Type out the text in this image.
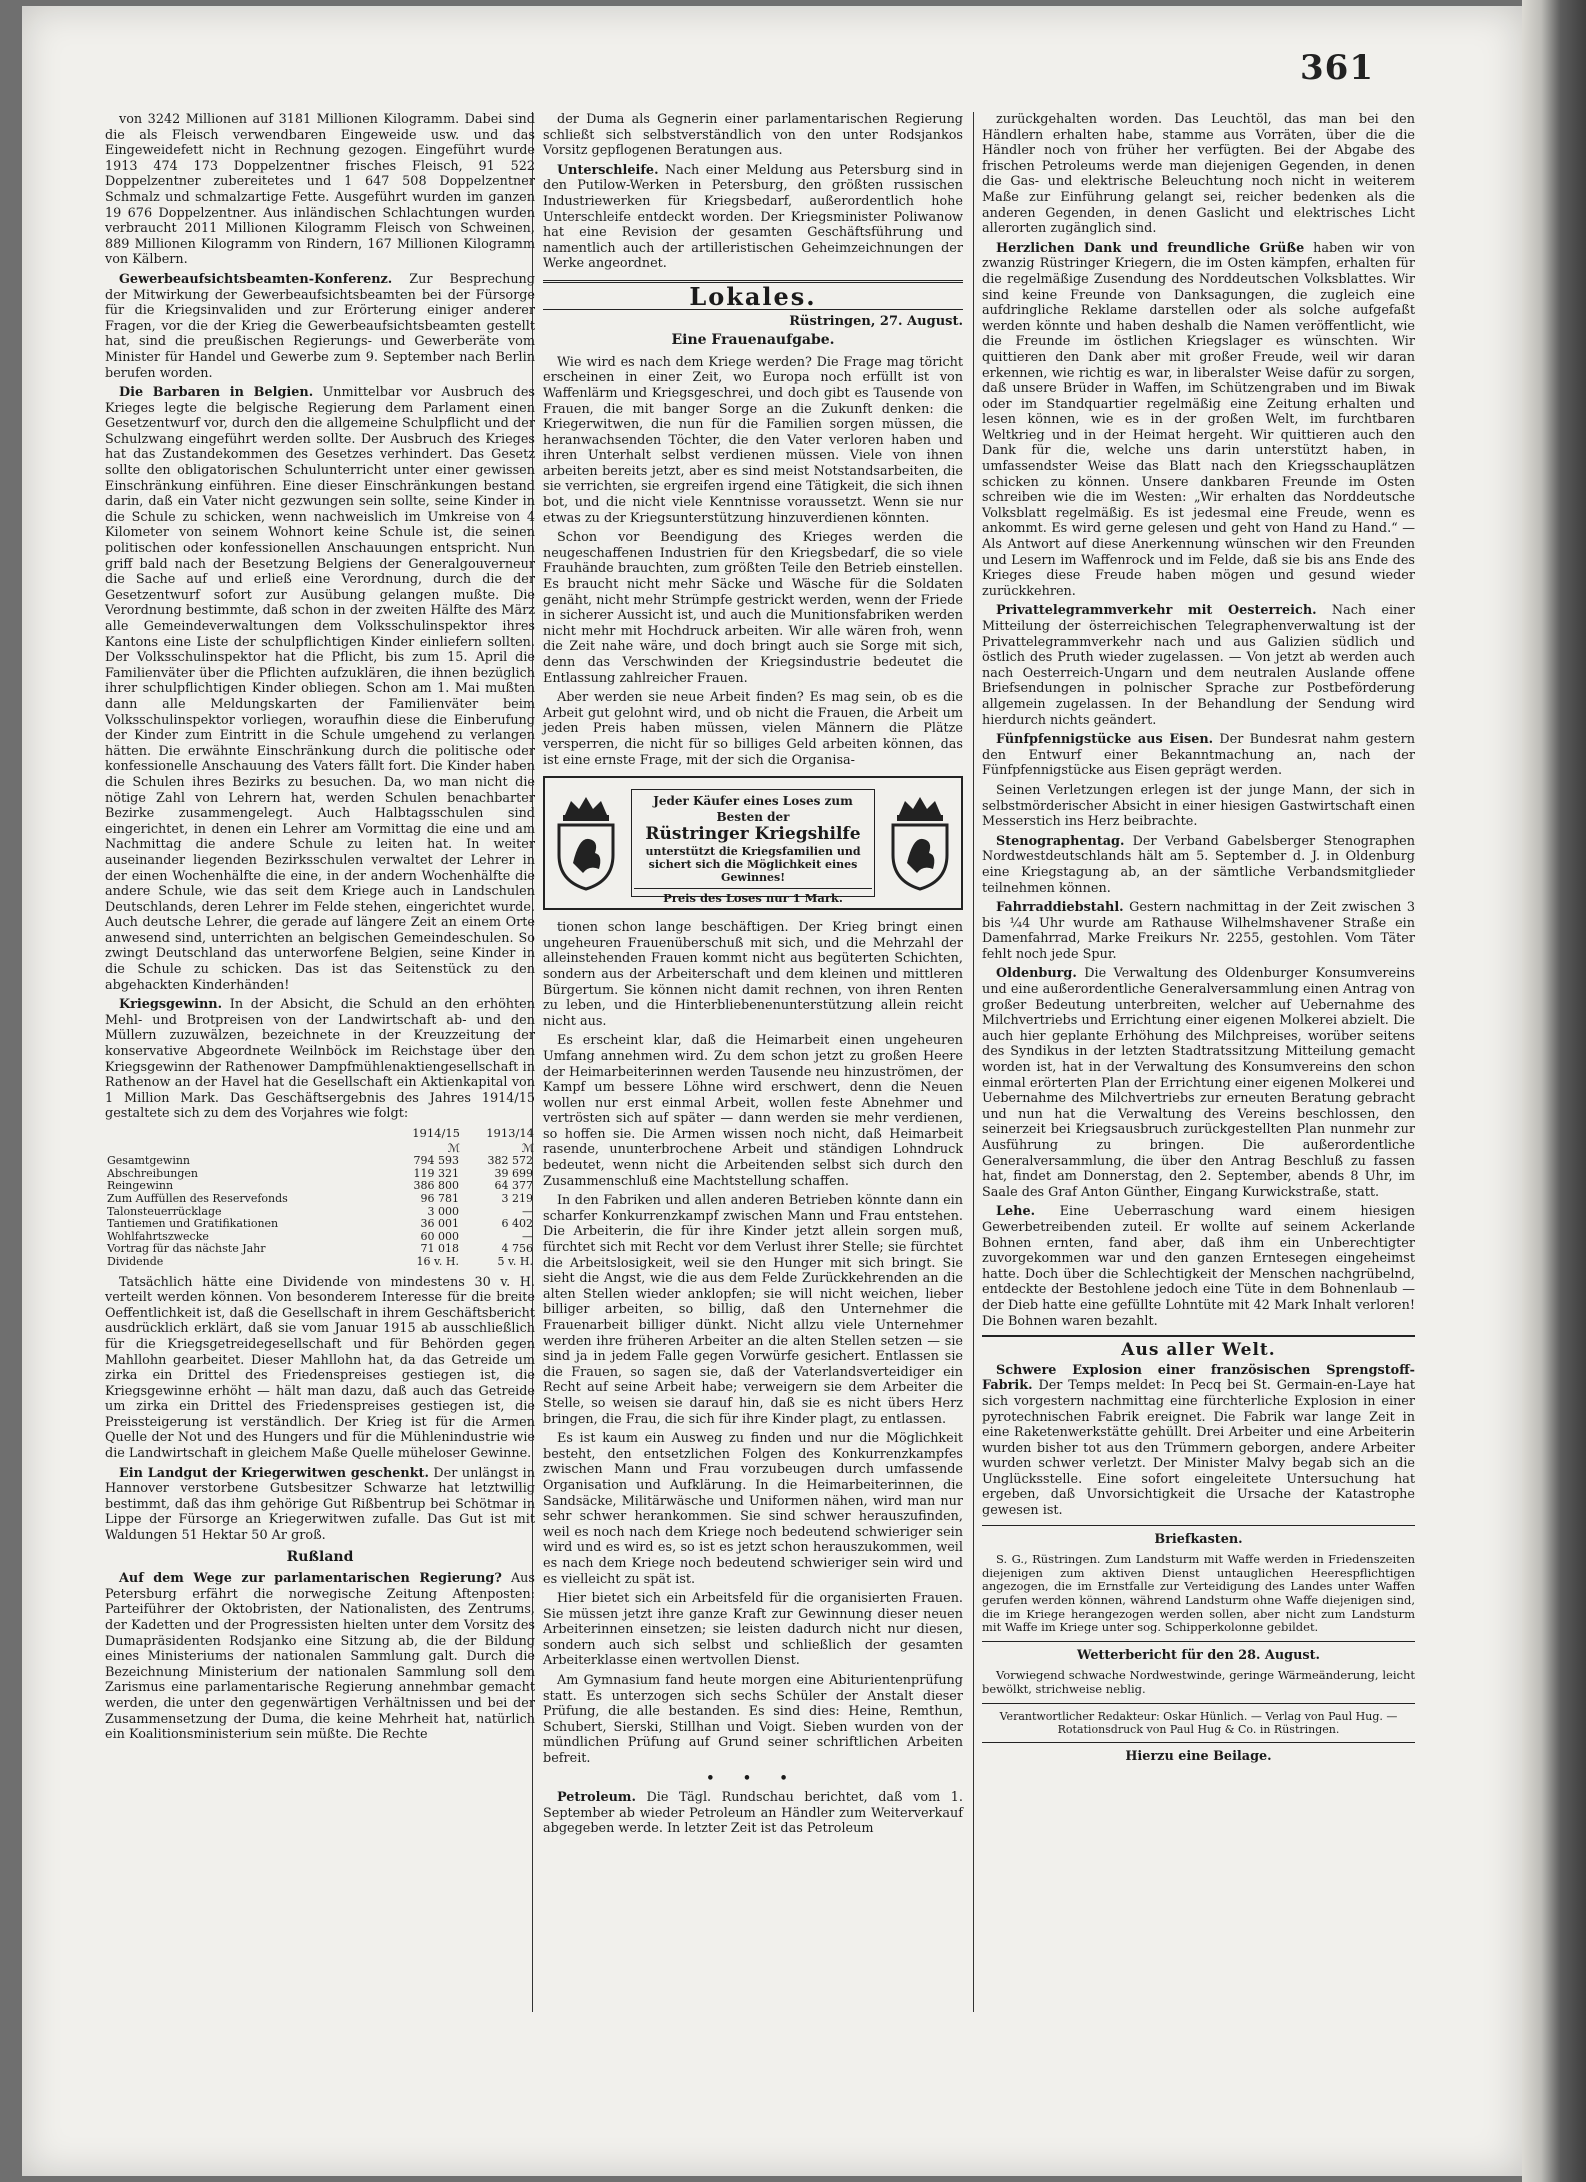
361

von 3242 Millionen auf 3181 Millionen Kilogramm. Dabei sind die als Fleisch verwendbaren Eingeweide usw. und das Eingeweidefett nicht in Rechnung gezogen. Eingeführt wurde 1913 474 173 Doppelzentner frisches Fleisch, 91 522 Doppelzentner zubereitetes und 1 647 508 Doppelzentner Schmalz und schmalzartige Fette. Ausgeführt wurden im ganzen 19 676 Doppelzentner. Aus inländischen Schlachtungen wurden verbraucht 2011 Millionen Kilogramm Fleisch von Schweinen, 889 Millionen Kilogramm von Rindern, 167 Millionen Kilogramm von Kälbern.

Gewerbeaufsichtsbeamten-Konferenz. Zur Besprechung der Mitwirkung der Gewerbeaufsichtsbeamten bei der Fürsorge für die Kriegsinvaliden und zur Erörterung einiger anderer Fragen, vor die der Krieg die Gewerbeaufsichtsbeamten gestellt hat, sind die preußischen Regierungs- und Gewerberäte vom Minister für Handel und Gewerbe zum 9. September nach Berlin berufen worden.

Die Barbaren in Belgien. Unmittelbar vor Ausbruch des Krieges legte die belgische Regierung dem Parlament einen Gesetzentwurf vor, durch den die allgemeine Schulpflicht und der Schulzwang eingeführt werden sollte. Der Ausbruch des Krieges hat das Zustandekommen des Gesetzes verhindert. Das Gesetz sollte den obligatorischen Schulunterricht unter einer gewissen Einschränkung einführen. Eine dieser Einschränkungen bestand darin, daß ein Vater nicht gezwungen sein sollte, seine Kinder in die Schule zu schicken, wenn nachweislich im Umkreise von 4 Kilometer von seinem Wohnort keine Schule ist, die seinen politischen oder konfessionellen Anschauungen entspricht. Nun griff bald nach der Besetzung Belgiens der Generalgouverneur die Sache auf und erließ eine Verordnung, durch die der Gesetzentwurf sofort zur Ausübung gelangen mußte. Die Verordnung bestimmte, daß schon in der zweiten Hälfte des März alle Gemeindeverwaltungen dem Volksschulinspektor ihres Kantons eine Liste der schulpflichtigen Kinder einliefern sollten. Der Volksschulinspektor hat die Pflicht, bis zum 15. April die Familienväter über die Pflichten aufzuklären, die ihnen bezüglich ihrer schulpflichtigen Kinder obliegen. Schon am 1. Mai mußten dann alle Meldungskarten der Familienväter beim Volksschulinspektor vorliegen, woraufhin diese die Einberufung der Kinder zum Eintritt in die Schule umgehend zu verlangen hätten. Die erwähnte Einschränkung durch die politische oder konfessionelle Anschauung des Vaters fällt fort. Die Kinder haben die Schulen ihres Bezirks zu besuchen. Da, wo man nicht die nötige Zahl von Lehrern hat, werden Schulen benachbarter Bezirke zusammengelegt. Auch Halbtagsschulen sind eingerichtet, in denen ein Lehrer am Vormittag die eine und am Nachmittag die andere Schule zu leiten hat. In weiter auseinander liegenden Bezirksschulen verwaltet der Lehrer in der einen Wochenhälfte die eine, in der andern Wochenhälfte die andere Schule, wie das seit dem Kriege auch in Landschulen Deutschlands, deren Lehrer im Felde stehen, eingerichtet wurde. Auch deutsche Lehrer, die gerade auf längere Zeit an einem Orte anwesend sind, unterrichten an belgischen Gemeindeschulen. So zwingt Deutschland das unterworfene Belgien, seine Kinder in die Schule zu schicken. Das ist das Seitenstück zu den abgehackten Kinderhänden!

Kriegsgewinn. In der Absicht, die Schuld an den erhöhten Mehl- und Brotpreisen von der Landwirtschaft ab- und den Müllern zuzuwälzen, bezeichnete in der Kreuzzeitung der konservative Abgeordnete Weilnböck im Reichstage über den Kriegsgewinn der Rathenower Dampfmühlenaktiengesellschaft in Rathenow an der Havel hat die Gesellschaft ein Aktienkapital von 1 Million Mark. Das Geschäftsergebnis des Jahres 1914/15 gestaltete sich zu dem des Vorjahres wie folgt:

	1914/15	1913/14
	ℳ	ℳ
Gesamtgewinn	794 593	382 572
Abschreibungen	119 321	39 699
Reingewinn	386 800	64 377
Zum Auffüllen des Reservefonds	96 781	3 219
Talonsteuerrücklage	3 000	—
Tantiemen und Gratifikationen	36 001	6 402
Wohlfahrtszwecke	60 000	—
Vortrag für das nächste Jahr	71 018	4 756
Dividende	16 v. H.	5 v. H.

Tatsächlich hätte eine Dividende von mindestens 30 v. H. verteilt werden können. Von besonderem Interesse für die breite Oeffentlichkeit ist, daß die Gesellschaft in ihrem Geschäftsbericht ausdrücklich erklärt, daß sie vom Januar 1915 ab ausschließlich für die Kriegsgetreidegesellschaft und für Behörden gegen Mahllohn gearbeitet. Dieser Mahllohn hat, da das Getreide um zirka ein Drittel des Friedenspreises gestiegen ist, die Kriegsgewinne erhöht — hält man dazu, daß auch das Getreide um zirka ein Drittel des Friedenspreises gestiegen ist, die Preissteigerung ist verständlich. Der Krieg ist für die Armen Quelle der Not und des Hungers und für die Mühlenindustrie wie die Landwirtschaft in gleichem Maße Quelle müheloser Gewinne.

Ein Landgut der Kriegerwitwen geschenkt. Der unlängst in Hannover verstorbene Gutsbesitzer Schwarze hat letztwillig bestimmt, daß das ihm gehörige Gut Rißbentrup bei Schötmar in Lippe der Fürsorge an Kriegerwitwen zufalle. Das Gut ist mit Waldungen 51 Hektar 50 Ar groß.

Rußland

Auf dem Wege zur parlamentarischen Regierung? Aus Petersburg erfährt die norwegische Zeitung Aftenposten: Parteiführer der Oktobristen, der Nationalisten, des Zentrums, der Kadetten und der Progressisten hielten unter dem Vorsitz des Dumapräsidenten Rodsjanko eine Sitzung ab, die der Bildung eines Ministeriums der nationalen Sammlung galt. Durch die Bezeichnung Ministerium der nationalen Sammlung soll dem Zarismus eine parlamentarische Regierung annehmbar gemacht werden, die unter den gegenwärtigen Verhältnissen und bei der Zusammensetzung der Duma, die keine Mehrheit hat, natürlich ein Koalitionsministerium sein müßte. Die Rechte

der Duma als Gegnerin einer parlamentarischen Regierung schließt sich selbstverständlich von den unter Rodsjankos Vorsitz gepflogenen Beratungen aus.

Unterschleife. Nach einer Meldung aus Petersburg sind in den Putilow-Werken in Petersburg, den größten russischen Industriewerken für Kriegsbedarf, außerordentlich hohe Unterschleife entdeckt worden. Der Kriegsminister Poliwanow hat eine Revision der gesamten Geschäftsführung und namentlich auch der artilleristischen Geheimzeichnungen der Werke angeordnet.

Lokales.
Rüstringen, 27. August.
Eine Frauenaufgabe.

Wie wird es nach dem Kriege werden? Die Frage mag töricht erscheinen in einer Zeit, wo Europa noch erfüllt ist von Waffenlärm und Kriegsgeschrei, und doch gibt es Tausende von Frauen, die mit banger Sorge an die Zukunft denken: die Kriegerwitwen, die nun für die Familien sorgen müssen, die heranwachsenden Töchter, die den Vater verloren haben und ihren Unterhalt selbst verdienen müssen. Viele von ihnen arbeiten bereits jetzt, aber es sind meist Notstandsarbeiten, die sie verrichten, sie ergreifen irgend eine Tätigkeit, die sich ihnen bot, und die nicht viele Kenntnisse voraussetzt. Wenn sie nur etwas zu der Kriegsunterstützung hinzuverdienen könnten.

Schon vor Beendigung des Krieges werden die neugeschaffenen Industrien für den Kriegsbedarf, die so viele Frauhände brauchten, zum größten Teile den Betrieb einstellen. Es braucht nicht mehr Säcke und Wäsche für die Soldaten genäht, nicht mehr Strümpfe gestrickt werden, wenn der Friede in sicherer Aussicht ist, und auch die Munitionsfabriken werden nicht mehr mit Hochdruck arbeiten. Wir alle wären froh, wenn die Zeit nahe wäre, und doch bringt auch sie Sorge mit sich, denn das Verschwinden der Kriegsindustrie bedeutet die Entlassung zahlreicher Frauen.

Aber werden sie neue Arbeit finden? Es mag sein, ob es die Arbeit gut gelohnt wird, und ob nicht die Frauen, die Arbeit um jeden Preis haben müssen, vielen Männern die Plätze versperren, die nicht für so billiges Geld arbeiten können, das ist eine ernste Frage, mit der sich die Organisa-

Jeder Käufer eines Loses zum Besten der
Rüstringer Kriegshilfe
unterstützt die Kriegsfamilien und sichert sich die Möglichkeit eines Gewinnes!
Preis des Loses nur 1 Mark.

tionen schon lange beschäftigen. Der Krieg bringt einen ungeheuren Frauenüberschuß mit sich, und die Mehrzahl der alleinstehenden Frauen kommt nicht aus begüterten Schichten, sondern aus der Arbeiterschaft und dem kleinen und mittleren Bürgertum. Sie können nicht damit rechnen, von ihren Renten zu leben, und die Hinterbliebenenunterstützung allein reicht nicht aus.

Es erscheint klar, daß die Heimarbeit einen ungeheuren Umfang annehmen wird. Zu dem schon jetzt zu großen Heere der Heimarbeiterinnen werden Tausende neu hinzuströmen, der Kampf um bessere Löhne wird erschwert, denn die Neuen wollen nur erst einmal Arbeit, wollen feste Abnehmer und vertrösten sich auf später — dann werden sie mehr verdienen, so hoffen sie. Die Armen wissen noch nicht, daß Heimarbeit rasende, ununterbrochene Arbeit und ständigen Lohndruck bedeutet, wenn nicht die Arbeitenden selbst sich durch den Zusammenschluß eine Machtstellung schaffen.

In den Fabriken und allen anderen Betrieben könnte dann ein scharfer Konkurrenzkampf zwischen Mann und Frau entstehen. Die Arbeiterin, die für ihre Kinder jetzt allein sorgen muß, fürchtet sich mit Recht vor dem Verlust ihrer Stelle; sie fürchtet die Arbeitslosigkeit, weil sie den Hunger mit sich bringt. Sie sieht die Angst, wie die aus dem Felde Zurückkehrenden an die alten Stellen wieder anklopfen; sie will nicht weichen, lieber billiger arbeiten, so billig, daß den Unternehmer die Frauenarbeit billiger dünkt. Nicht allzu viele Unternehmer werden ihre früheren Arbeiter an die alten Stellen setzen — sie sind ja in jedem Falle gegen Vorwürfe gesichert. Entlassen sie die Frauen, so sagen sie, daß der Vaterlandsverteidiger ein Recht auf seine Arbeit habe; verweigern sie dem Arbeiter die Stelle, so weisen sie darauf hin, daß sie es nicht übers Herz bringen, die Frau, die sich für ihre Kinder plagt, zu entlassen.

Es ist kaum ein Ausweg zu finden und nur die Möglichkeit besteht, den entsetzlichen Folgen des Konkurrenzkampfes zwischen Mann und Frau vorzubeugen durch umfassende Organisation und Aufklärung. In die Heimarbeiterinnen, die Sandsäcke, Militärwäsche und Uniformen nähen, wird man nur sehr schwer herankommen. Sie sind schwer herauszufinden, weil es noch nach dem Kriege noch bedeutend schwieriger sein wird und es wird es, so ist es jetzt schon herauszukommen, weil es nach dem Kriege noch bedeutend schwieriger sein wird und es vielleicht zu spät ist.

Hier bietet sich ein Arbeitsfeld für die organisierten Frauen. Sie müssen jetzt ihre ganze Kraft zur Gewinnung dieser neuen Arbeiterinnen einsetzen; sie leisten dadurch nicht nur diesen, sondern auch sich selbst und schließlich der gesamten Arbeiterklasse einen wertvollen Dienst.

Am Gymnasium fand heute morgen eine Abiturientenprüfung statt. Es unterzogen sich sechs Schüler der Anstalt dieser Prüfung, die alle bestanden. Es sind dies: Heine, Remthun, Schubert, Sierski, Stillhan und Voigt. Sieben wurden von der mündlichen Prüfung auf Grund seiner schriftlichen Arbeiten befreit.

• • •

Petroleum. Die Tägl. Rundschau berichtet, daß vom 1. September ab wieder Petroleum an Händler zum Weiterverkauf abgegeben werde. In letzter Zeit ist das Petroleum

zurückgehalten worden. Das Leuchtöl, das man bei den Händlern erhalten habe, stamme aus Vorräten, über die die Händler noch von früher her verfügten. Bei der Abgabe des frischen Petroleums werde man diejenigen Gegenden, in denen die Gas- und elektrische Beleuchtung noch nicht in weiterem Maße zur Einführung gelangt sei, reicher bedenken als die anderen Gegenden, in denen Gaslicht und elektrisches Licht allerorten zugänglich sind.

Herzlichen Dank und freundliche Grüße haben wir von zwanzig Rüstringer Kriegern, die im Osten kämpfen, erhalten für die regelmäßige Zusendung des Norddeutschen Volksblattes. Wir sind keine Freunde von Danksagungen, die zugleich eine aufdringliche Reklame darstellen oder als solche aufgefaßt werden könnte und haben deshalb die Namen veröffentlicht, wie die Freunde im östlichen Kriegslager es wünschten. Wir quittieren den Dank aber mit großer Freude, weil wir daran erkennen, wie richtig es war, in liberalster Weise dafür zu sorgen, daß unsere Brüder in Waffen, im Schützengraben und im Biwak oder im Standquartier regelmäßig eine Zeitung erhalten und lesen können, wie es in der großen Welt, im furchtbaren Weltkrieg und in der Heimat hergeht. Wir quittieren auch den Dank für die, welche uns darin unterstützt haben, in umfassendster Weise das Blatt nach den Kriegsschauplätzen schicken zu können. Unsere dankbaren Freunde im Osten schreiben wie die im Westen: „Wir erhalten das Norddeutsche Volksblatt regelmäßig. Es ist jedesmal eine Freude, wenn es ankommt. Es wird gerne gelesen und geht von Hand zu Hand.“ — Als Antwort auf diese Anerkennung wünschen wir den Freunden und Lesern im Waffenrock und im Felde, daß sie bis ans Ende des Krieges diese Freude haben mögen und gesund wieder zurückkehren.

Privattelegrammverkehr mit Oesterreich. Nach einer Mitteilung der österreichischen Telegraphenverwaltung ist der Privattelegrammverkehr nach und aus Galizien südlich und östlich des Pruth wieder zugelassen. — Von jetzt ab werden auch nach Oesterreich-Ungarn und dem neutralen Auslande offene Briefsendungen in polnischer Sprache zur Postbeförderung allgemein zugelassen. In der Behandlung der Sendung wird hierdurch nichts geändert.

Fünfpfennigstücke aus Eisen. Der Bundesrat nahm gestern den Entwurf einer Bekanntmachung an, nach der Fünfpfennigstücke aus Eisen geprägt werden.

Seinen Verletzungen erlegen ist der junge Mann, der sich in selbstmörderischer Absicht in einer hiesigen Gastwirtschaft einen Messerstich ins Herz beibrachte.

Stenographentag. Der Verband Gabelsberger Stenographen Nordwestdeutschlands hält am 5. September d. J. in Oldenburg eine Kriegstagung ab, an der sämtliche Verbandsmitglieder teilnehmen können.

Fahrraddiebstahl. Gestern nachmittag in der Zeit zwischen 3 bis ¼4 Uhr wurde am Rathause Wilhelmshavener Straße ein Damenfahrrad, Marke Freikurs Nr. 2255, gestohlen. Vom Täter fehlt noch jede Spur.

Oldenburg. Die Verwaltung des Oldenburger Konsumvereins und eine außerordentliche Generalversammlung einen Antrag von großer Bedeutung unterbreiten, welcher auf Uebernahme des Milchvertriebs und Errichtung einer eigenen Molkerei abzielt. Die auch hier geplante Erhöhung des Milchpreises, worüber seitens des Syndikus in der letzten Stadtratssitzung Mitteilung gemacht worden ist, hat in der Verwaltung des Konsumvereins den schon einmal erörterten Plan der Errichtung einer eigenen Molkerei und Uebernahme des Milchvertriebs zur erneuten Beratung gebracht und nun hat die Verwaltung des Vereins beschlossen, den seinerzeit bei Kriegsausbruch zurückgestellten Plan nunmehr zur Ausführung zu bringen. Die außerordentliche Generalversammlung, die über den Antrag Beschluß zu fassen hat, findet am Donnerstag, den 2. September, abends 8 Uhr, im Saale des Graf Anton Günther, Eingang Kurwickstraße, statt.

Lehe. Eine Ueberraschung ward einem hiesigen Gewerbetreibenden zuteil. Er wollte auf seinem Ackerlande Bohnen ernten, fand aber, daß ihm ein Unberechtigter zuvorgekommen war und den ganzen Erntesegen eingeheimst hatte. Doch über die Schlechtigkeit der Menschen nachgrübelnd, entdeckte der Bestohlene jedoch eine Tüte in dem Bohnenlaub — der Dieb hatte eine gefüllte Lohntüte mit 42 Mark Inhalt verloren! Die Bohnen waren bezahlt.

Aus aller Welt.

Schwere Explosion einer französischen Sprengstoff-Fabrik. Der Temps meldet: In Pecq bei St. Germain-en-Laye hat sich vorgestern nachmittag eine fürchterliche Explosion in einer pyrotechnischen Fabrik ereignet. Die Fabrik war lange Zeit in eine Raketenwerkstätte gehüllt. Drei Arbeiter und eine Arbeiterin wurden bisher tot aus den Trümmern geborgen, andere Arbeiter wurden schwer verletzt. Der Minister Malvy begab sich an die Unglücksstelle. Eine sofort eingeleitete Untersuchung hat ergeben, daß Unvorsichtigkeit die Ursache der Katastrophe gewesen ist.

Briefkasten.

S. G., Rüstringen. Zum Landsturm mit Waffe werden in Friedenszeiten diejenigen zum aktiven Dienst untauglichen Heerespflichtigen angezogen, die im Ernstfalle zur Verteidigung des Landes unter Waffen gerufen werden können, während Landsturm ohne Waffe diejenigen sind, die im Kriege herangezogen werden sollen, aber nicht zum Landsturm mit Waffe im Kriege unter sog. Schipperkolonne gebildet.

Wetterbericht für den 28. August.

Vorwiegend schwache Nordwestwinde, geringe Wärmeänderung, leicht bewölkt, strichweise neblig.

Verantwortlicher Redakteur: Oskar Hünlich. — Verlag von Paul Hug. — Rotationsdruck von Paul Hug & Co. in Rüstringen.
Hierzu eine Beilage.
